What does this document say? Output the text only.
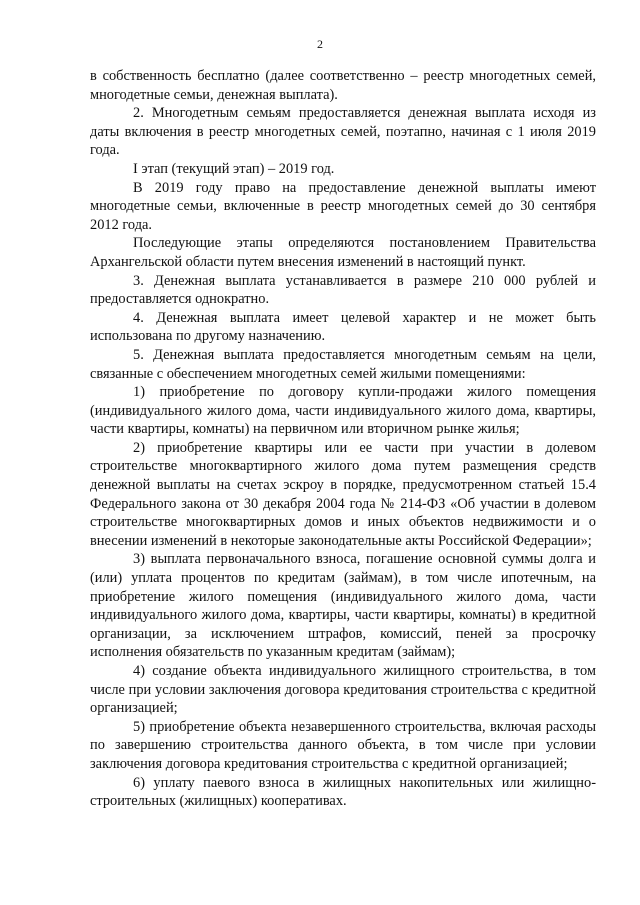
2

в собственность бесплатно (далее соответственно – реестр многодетных семей, многодетные семьи, денежная выплата).

2. Многодетным семьям предоставляется денежная выплата исходя из даты включения в реестр многодетных семей, поэтапно, начиная с 1 июля 2019 года.

I этап (текущий этап) – 2019 год.

В 2019 году право на предоставление денежной выплаты имеют многодетные семьи, включенные в реестр многодетных семей до 30 сентября 2012 года.

Последующие этапы определяются постановлением Правительства Архангельской области путем внесения изменений в настоящий пункт.

3. Денежная выплата устанавливается в размере 210 000 рублей и предоставляется однократно.

4. Денежная выплата имеет целевой характер и не может быть использована по другому назначению.

5. Денежная выплата предоставляется многодетным семьям на цели, связанные с обеспечением многодетных семей жилыми помещениями:

1) приобретение по договору купли-продажи жилого помещения (индивидуального жилого дома, части индивидуального жилого дома, квартиры, части квартиры, комнаты) на первичном или вторичном рынке жилья;

2) приобретение квартиры или ее части при участии в долевом строительстве многоквартирного жилого дома путем размещения средств денежной выплаты на счетах эскроу в порядке, предусмотренном статьей 15.4 Федерального закона от 30 декабря 2004 года № 214-ФЗ «Об участии в долевом строительстве многоквартирных домов и иных объектов недвижимости и о внесении изменений в некоторые законодательные акты Российской Федерации»;

3) выплата первоначального взноса, погашение основной суммы долга и (или) уплата процентов по кредитам (займам), в том числе ипотечным, на приобретение жилого помещения (индивидуального жилого дома, части индивидуального жилого дома, квартиры, части квартиры, комнаты) в кредитной организации, за исключением штрафов, комиссий, пеней за просрочку исполнения обязательств по указанным кредитам (займам);

4) создание объекта индивидуального жилищного строительства, в том числе при условии заключения договора кредитования строительства с кредитной организацией;

5) приобретение объекта незавершенного строительства, включая расходы по завершению строительства данного объекта, в том числе при условии заключения договора кредитования строительства с кредитной организацией;

6) уплату паевого взноса в жилищных накопительных или жилищно-строительных (жилищных) кооперативах.
